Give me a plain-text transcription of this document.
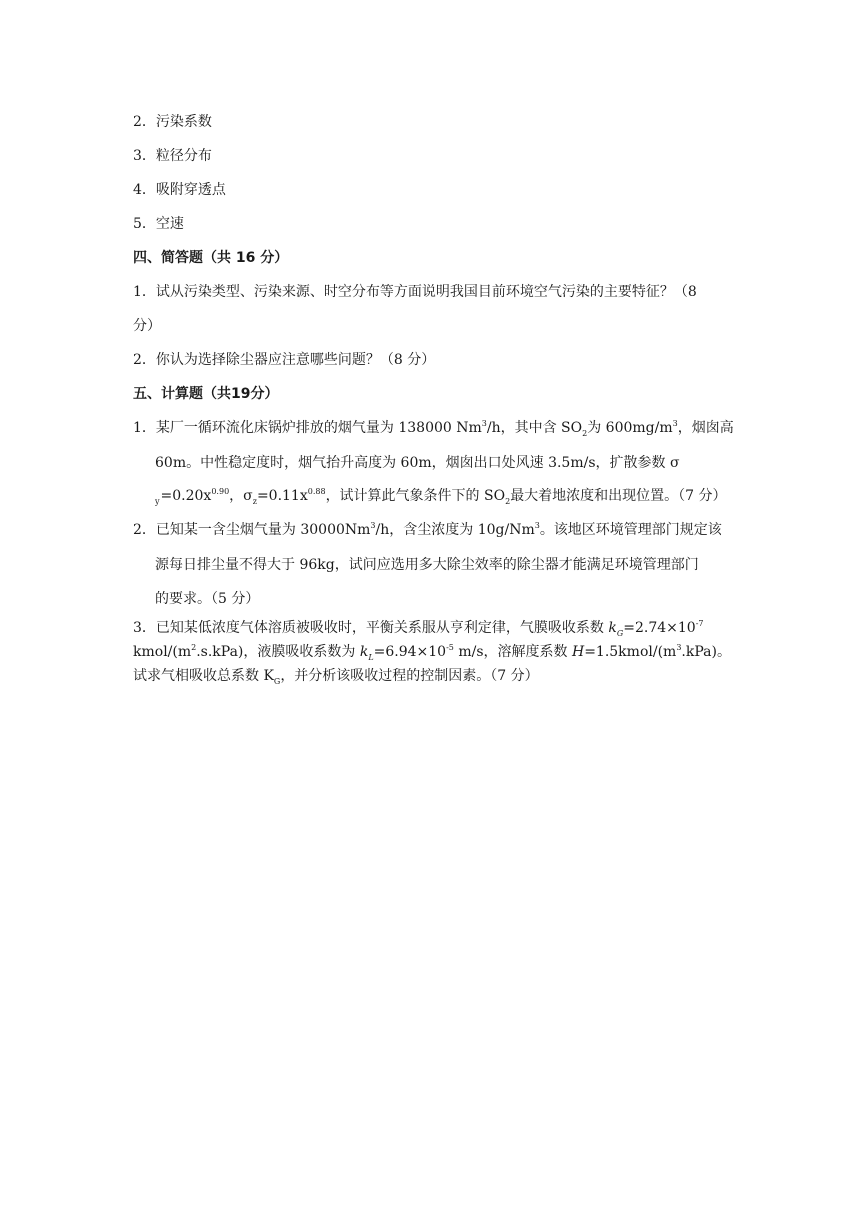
2．污染系数
3．粒径分布
4．吸附穿透点
5．空速
四、简答题（共 16 分）
1．试从污染类型、污染来源、时空分布等方面说明我国目前环境空气污染的主要特征？（8
分）
2．你认为选择除尘器应注意哪些问题？（8 分）
五、计算题（共19分）
1．某厂一循环流化床锅炉排放的烟气量为 138000 Nm$^3$/h，其中含 $SO_2$为 $600mg/m^3$，烟囱高
60m。中性稳定度时，烟气抬升高度为 60m，烟囱出口处风速 3.5m/s，扩散参数 σ
$_y=0.20x^{0.90}$，$\sigma_z=0.11x^{0.88}$，试计算此气象条件下的 $SO_2$最大着地浓度和出现位置。（7 分）
2．已知某一含尘烟气量为 30000Nm$^3$/h，含尘浓度为 10g/Nm$^3$。该地区环境管理部门规定该
源每日排尘量不得大于 96kg，试问应选用多大除尘效率的除尘器才能满足环境管理部门
的要求。（5 分）
3．已知某低浓度气体溶质被吸收时，平衡关系服从亨利定律，气膜吸收系数 $k_G=2.74\times 10^{-7}$
kmol/$(m^2.s.kPa)$，液膜吸收系数为 $k_L=6.94\times 10^{-5}$ m/s，溶解度系数 $H=1.5kmol/(m^3.kPa)$。
试求气相吸收总系数 $K_G$，并分析该吸收过程的控制因素。（7 分）
